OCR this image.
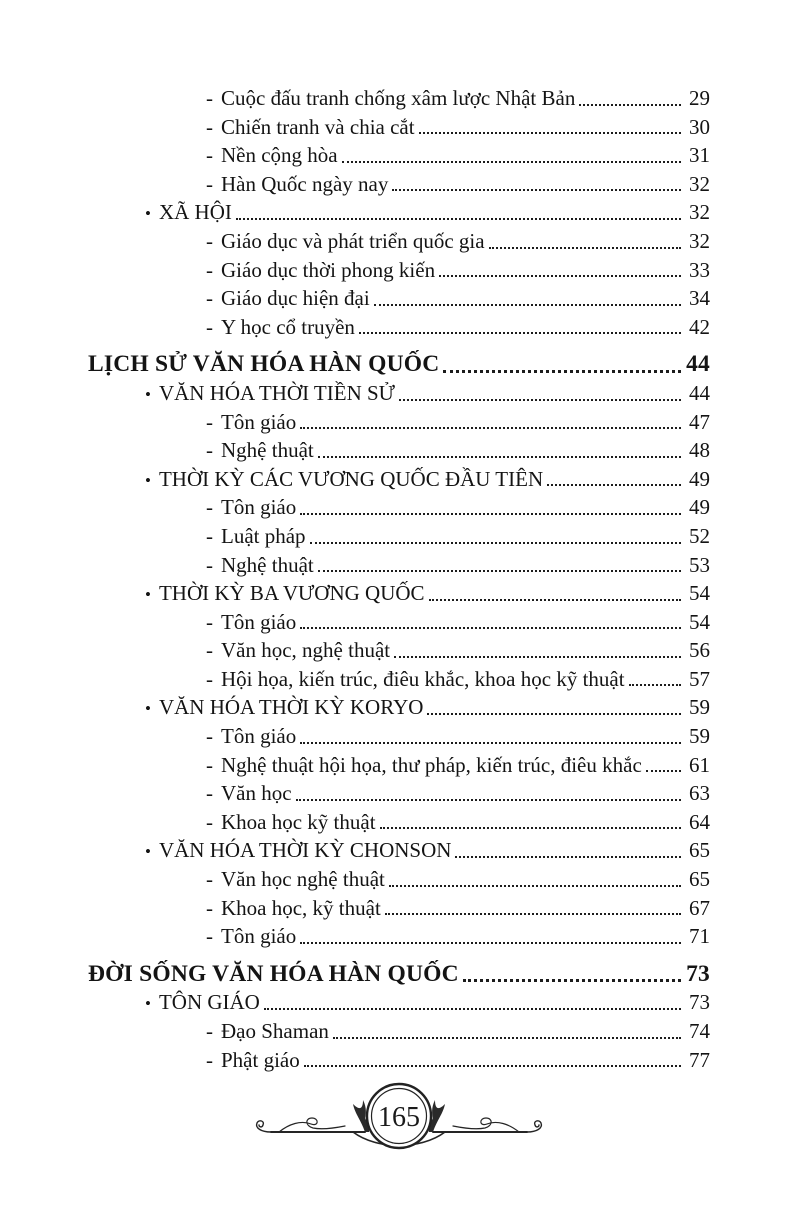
- Cuộc đấu tranh chống xâm lược Nhật Bản	29
- Chiến tranh và chia cắt	30
- Nền cộng hòa	31
- Hàn Quốc ngày nay	32
• XÃ HỘI	32
- Giáo dục và phát triển quốc gia	32
- Giáo dục thời phong kiến	33
- Giáo dục hiện đại	34
- Y học cổ truyền	42
LỊCH SỬ VĂN HÓA HÀN QUỐC	44
• VĂN HÓA THỜI TIỀN SỬ	44
- Tôn giáo	47
- Nghệ thuật	48
• THỜI KỲ CÁC VƯƠNG QUỐC ĐẦU TIÊN	49
- Tôn giáo	49
- Luật pháp	52
- Nghệ thuật	53
• THỜI KỲ BA VƯƠNG QUỐC	54
- Tôn giáo	54
- Văn học, nghệ thuật	56
- Hội họa, kiến trúc, điêu khắc, khoa học kỹ thuật	57
• VĂN HÓA THỜI KỲ KORYO	59
- Tôn giáo	59
- Nghệ thuật hội họa, thư pháp, kiến trúc, điêu khắc 61
- Văn học	63
- Khoa học kỹ thuật	64
• VĂN HÓA THỜI KỲ CHONSON	65
- Văn học nghệ thuật	65
- Khoa học, kỹ thuật	67
- Tôn giáo	71
ĐỜI SỐNG VĂN HÓA HÀN QUỐC	73
• TÔN GIÁO	73
- Đạo Shaman	74
- Phật giáo	77
165
